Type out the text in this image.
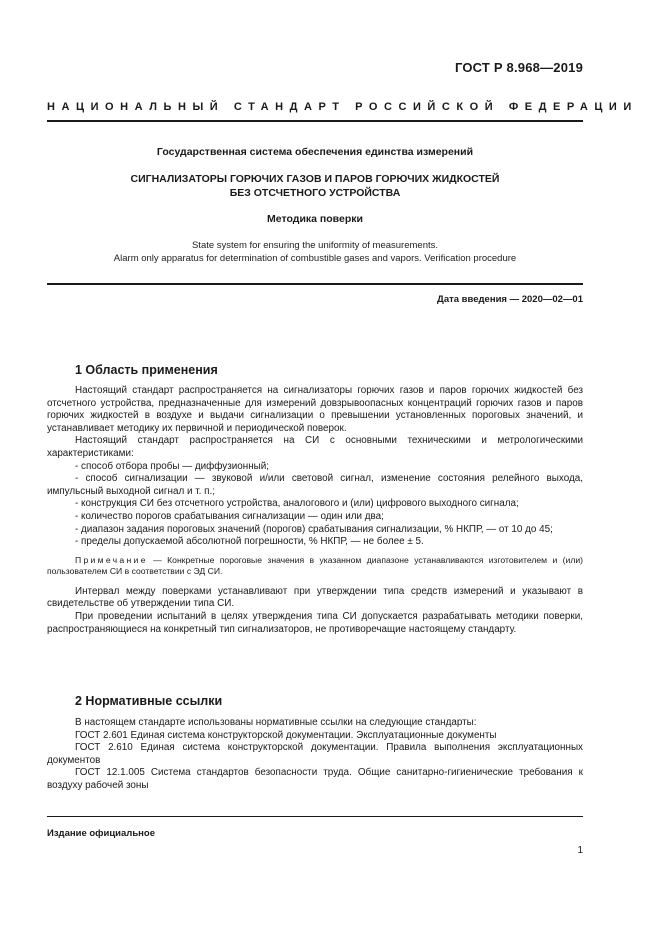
ГОСТ Р 8.968—2019
НАЦИОНАЛЬНЫЙ СТАНДАРТ РОССИЙСКОЙ ФЕДЕРАЦИИ
Государственная система обеспечения единства измерений
СИГНАЛИЗАТОРЫ ГОРЮЧИХ ГАЗОВ И ПАРОВ ГОРЮЧИХ ЖИДКОСТЕЙ
БЕЗ ОТСЧЕТНОГО УСТРОЙСТВА
Методика поверки
State system for ensuring the uniformity of measurements.
Alarm only apparatus for determination of combustible gases and vapors. Verification procedure
Дата введения — 2020—02—01
1 Область применения

Настоящий стандарт распространяется на сигнализаторы горючих газов и паров горючих жидкостей без отсчетного устройства, предназначенные для измерений довзрывоопасных концентраций горючих газов и паров горючих жидкостей в воздухе и выдачи сигнализации о превышении установленных пороговых значений, и устанавливает методику их первичной и периодической поверок.

Настоящий стандарт распространяется на СИ с основными техническими и метрологическими характеристиками:

- способ отбора пробы — диффузионный;

- способ сигнализации — звуковой и/или световой сигнал, изменение состояния релейного выхода, импульсный выходной сигнал и т. п.;

- конструкция СИ без отсчетного устройства, аналогового и (или) цифрового выходного сигнала;

- количество порогов срабатывания сигнализации — один или два;

- диапазон задания пороговых значений (порогов) срабатывания сигнализации, % НКПР, — от 10 до 45;

- пределы допускаемой абсолютной погрешности, % НКПР, — не более ± 5.

Примечание — Конкретные пороговые значения в указанном диапазоне устанавливаются изготовителем и (или) пользователем СИ в соответствии с ЭД СИ.

Интервал между поверками устанавливают при утверждении типа средств измерений и указывают в свидетельстве об утверждении типа СИ.

При проведении испытаний в целях утверждения типа СИ допускается разрабатывать методики поверки, распространяющиеся на конкретный тип сигнализаторов, не противоречащие настоящему стандарту.

2 Нормативные ссылки

В настоящем стандарте использованы нормативные ссылки на следующие стандарты:

ГОСТ 2.601 Единая система конструкторской документации. Эксплуатационные документы

ГОСТ 2.610 Единая система конструкторской документации. Правила выполнения эксплуатационных документов

ГОСТ 12.1.005 Система стандартов безопасности труда. Общие санитарно-гигиенические требования к воздуху рабочей зоны

Издание официальное
1
